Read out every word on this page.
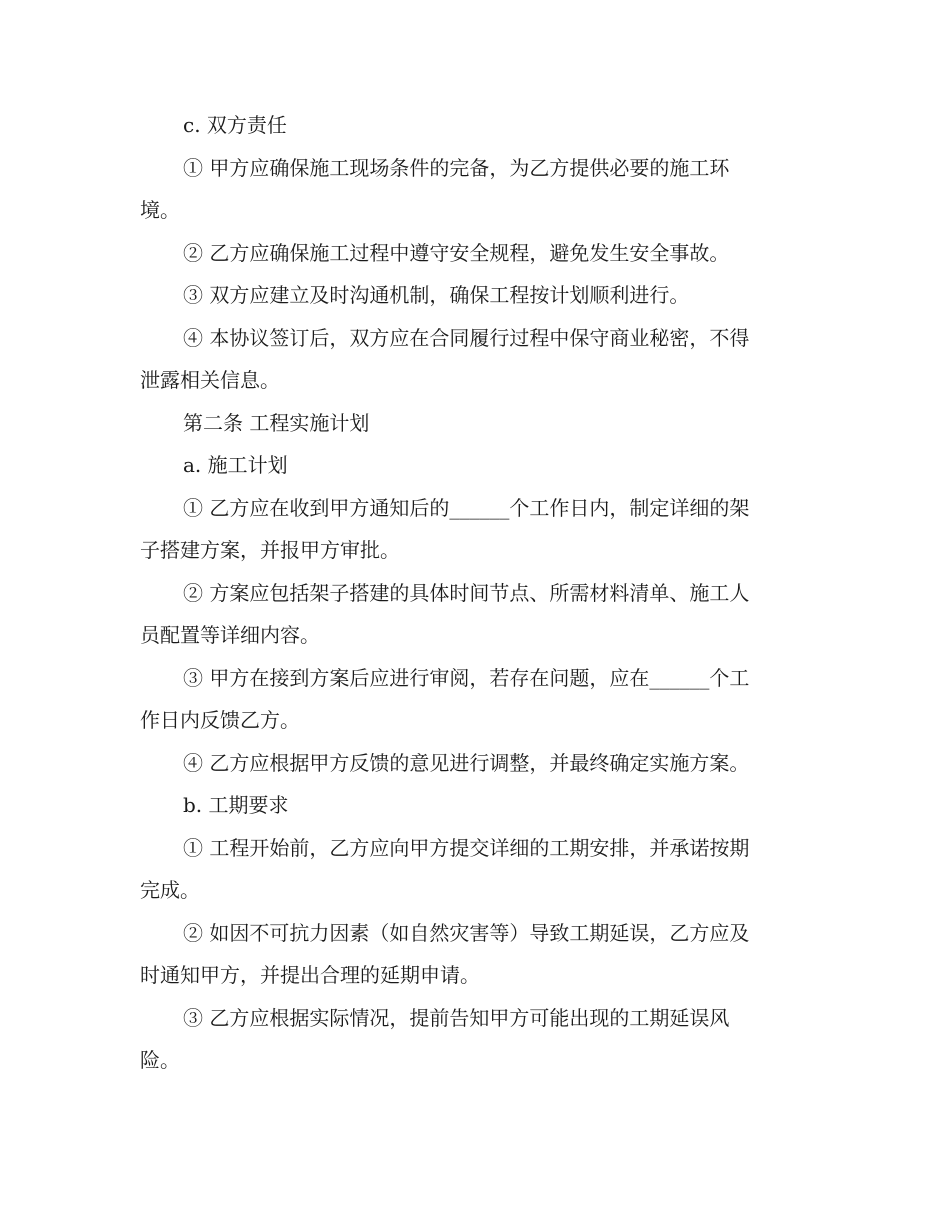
c. 双方责任

① 甲方应确保施工现场条件的完备，为乙方提供必要的施工环
境。

② 乙方应确保施工过程中遵守安全规程，避免发生安全事故。

③ 双方应建立及时沟通机制，确保工程按计划顺利进行。

④ 本协议签订后，双方应在合同履行过程中保守商业秘密，不得
泄露相关信息。

第二条 工程实施计划

a. 施工计划

① 乙方应在收到甲方通知后的______个工作日内，制定详细的架
子搭建方案，并报甲方审批。

② 方案应包括架子搭建的具体时间节点、所需材料清单、施工人
员配置等详细内容。

③ 甲方在接到方案后应进行审阅，若存在问题，应在______个工
作日内反馈乙方。

④ 乙方应根据甲方反馈的意见进行调整，并最终确定实施方案。

b. 工期要求

① 工程开始前，乙方应向甲方提交详细的工期安排，并承诺按期
完成。

② 如因不可抗力因素（如自然灾害等）导致工期延误，乙方应及
时通知甲方，并提出合理的延期申请。

③ 乙方应根据实际情况，提前告知甲方可能出现的工期延误风
险。
